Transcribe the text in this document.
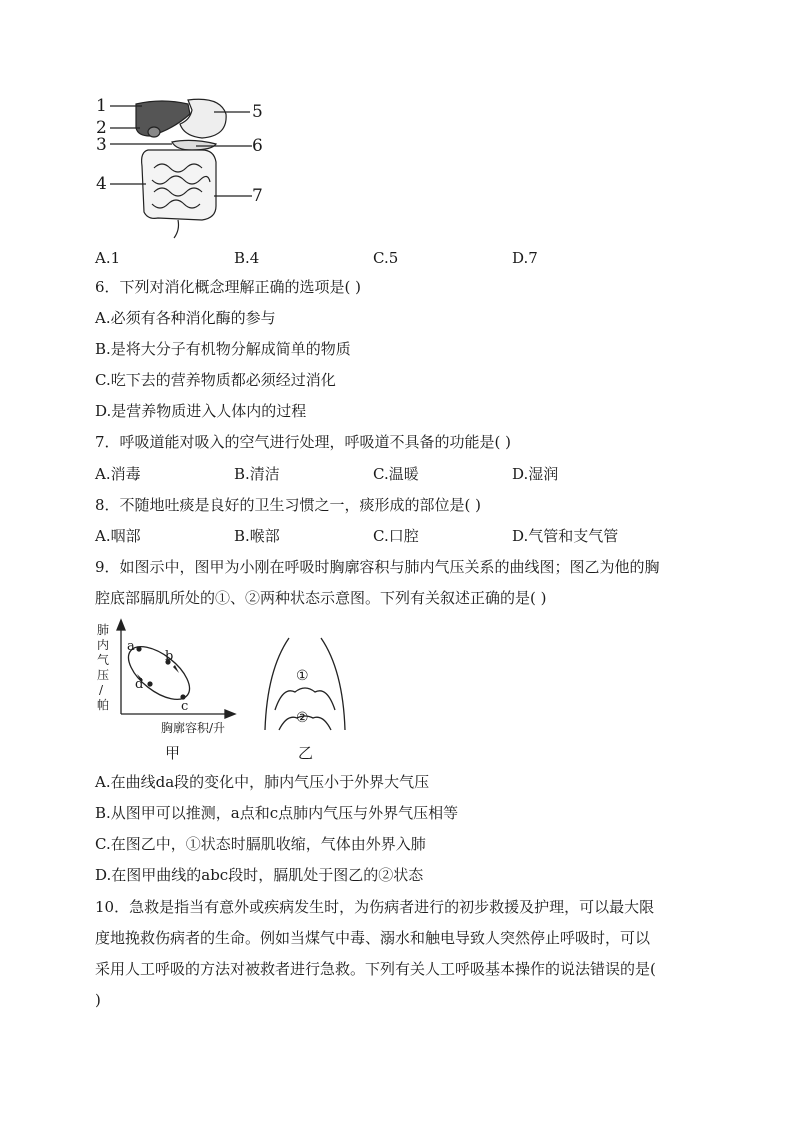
1
2
3
4
5
6
7
A.1	B.4	C.5	D.7
6．下列对消化概念理解正确的选项是( )
A.必须有各种消化酶的参与
B.是将大分子有机物分解成简单的物质
C.吃下去的营养物质都必须经过消化
D.是营养物质进入人体内的过程
7．呼吸道能对吸入的空气进行处理，呼吸道不具备的功能是( )
A.消毒	B.清洁	C.温暖	D.湿润
8．不随地吐痰是良好的卫生习惯之一，痰形成的部位是( )
A.咽部	B.喉部	C.口腔	D.气管和支气管
9．如图示中，图甲为小刚在呼吸时胸廓容积与肺内气压关系的曲线图；图乙为他的胸
腔底部膈肌所处的①、②两种状态示意图。下列有关叙述正确的是( )
肺
内
气
压
/
帕
a
b
c
d
胸廓容积/升
甲
①
②
乙
A.在曲线da段的变化中，肺内气压小于外界大气压
B.从图甲可以推测，a点和c点肺内气压与外界气压相等
C.在图乙中，①状态时膈肌收缩，气体由外界入肺
D.在图甲曲线的abc段时，膈肌处于图乙的②状态
10．急救是指当有意外或疾病发生时，为伤病者进行的初步救援及护理，可以最大限
度地挽救伤病者的生命。例如当煤气中毒、溺水和触电导致人突然停止呼吸时，可以
采用人工呼吸的方法对被救者进行急救。下列有关人工呼吸基本操作的说法错误的是(
)
